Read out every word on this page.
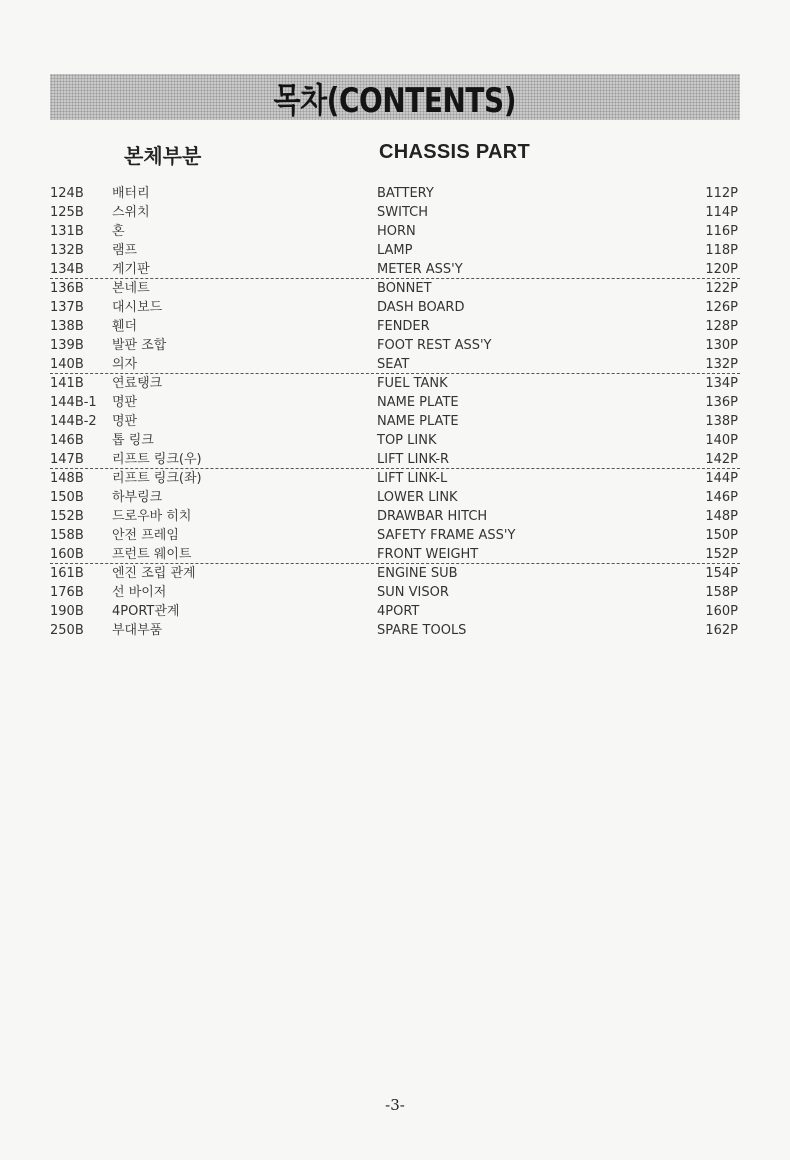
목차(CONTENTS)
본체부분	CHASSIS PART
124B 배터리	BATTERY	112P
125B 스위치	SWITCH	114P
131B 혼	HORN	116P
132B 램프	LAMP	118P
134B 게기판	METER ASS'Y	120P
136B 본네트	BONNET	122P
137B 대시보드	DASH BOARD	126P
138B 휀더	FENDER	128P
139B 발판 조합	FOOT REST ASS'Y	130P
140B 의자	SEAT	132P
141B 연료탱크	FUEL TANK	134P
144B-1 명판	NAME PLATE	136P
144B-2 명판	NAME PLATE	138P
146B 톱 링크	TOP LINK	140P
147B 리프트 링크(우)	LIFT LINK-R	142P
148B 리프트 링크(좌)	LIFT LINK-L	144P
150B 하부링크	LOWER LINK	146P
152B 드로우바 히치	DRAWBAR HITCH	148P
158B 안전 프레임	SAFETY FRAME ASS'Y	150P
160B 프런트 웨이트	FRONT WEIGHT	152P
161B 엔진 조립 관계	ENGINE SUB	154P
176B 선 바이저	SUN VISOR	158P
190B 4PORT관계	4PORT	160P
250B 부대부품	SPARE TOOLS	162P
-3-
